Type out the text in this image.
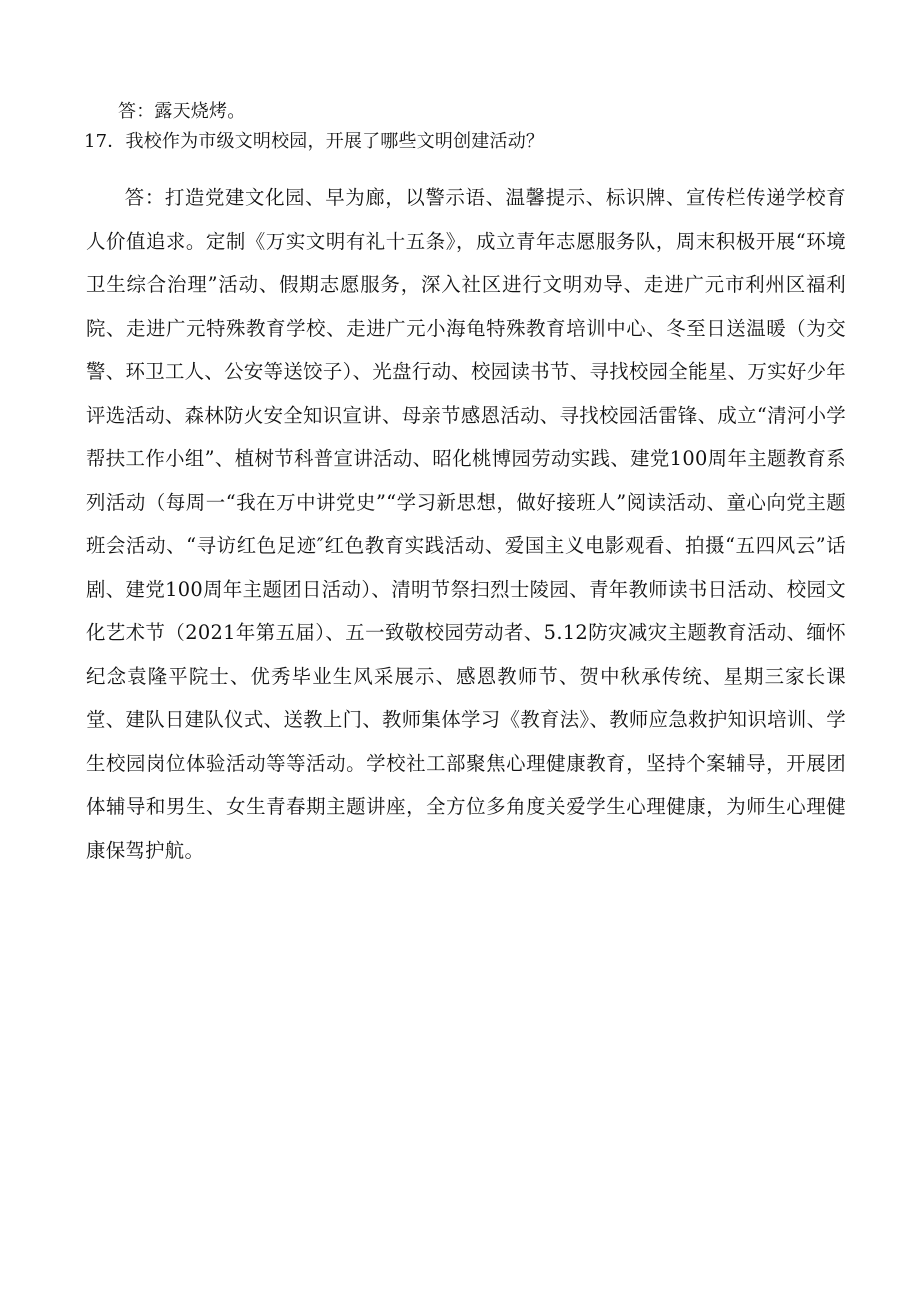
答：露天烧烤。
17．我校作为市级文明校园，开展了哪些文明创建活动？

答：打造党建文化园、早为廊，以警示语、温馨提示、标识牌、宣传栏传递学校育人价值追求。定制《万实文明有礼十五条》，成立青年志愿服务队，周末积极开展“环境卫生综合治理”活动、假期志愿服务，深入社区进行文明劝导、走进广元市利州区福利院、走进广元特殊教育学校、走进广元小海龟特殊教育培训中心、冬至日送温暖（为交警、环卫工人、公安等送饺子）、光盘行动、校园读书节、寻找校园全能星、万实好少年评选活动、森林防火安全知识宣讲、母亲节感恩活动、寻找校园活雷锋、成立“清河小学帮扶工作小组”、植树节科普宣讲活动、昭化桃博园劳动实践、建党100周年主题教育系列活动（每周一“我在万中讲党史”“学习新思想，做好接班人”阅读活动、童心向党主题班会活动、“寻访红色足迹″红色教育实践活动、爱国主义电影观看、拍摄“五四风云”话剧、建党100周年主题团日活动）、清明节祭扫烈士陵园、青年教师读书日活动、校园文化艺术节（2021年第五届）、五一致敬校园劳动者、5.12防灾减灾主题教育活动、缅怀纪念袁隆平院士、优秀毕业生风采展示、感恩教师节、贺中秋承传统、星期三家长课堂、建队日建队仪式、送教上门、教师集体学习《教育法》、教师应急救护知识培训、学生校园岗位体验活动等等活动。学校社工部聚焦心理健康教育，坚持个案辅导，开展团体辅导和男生、女生青春期主题讲座，全方位多角度关爱学生心理健康，为师生心理健康保驾护航。
